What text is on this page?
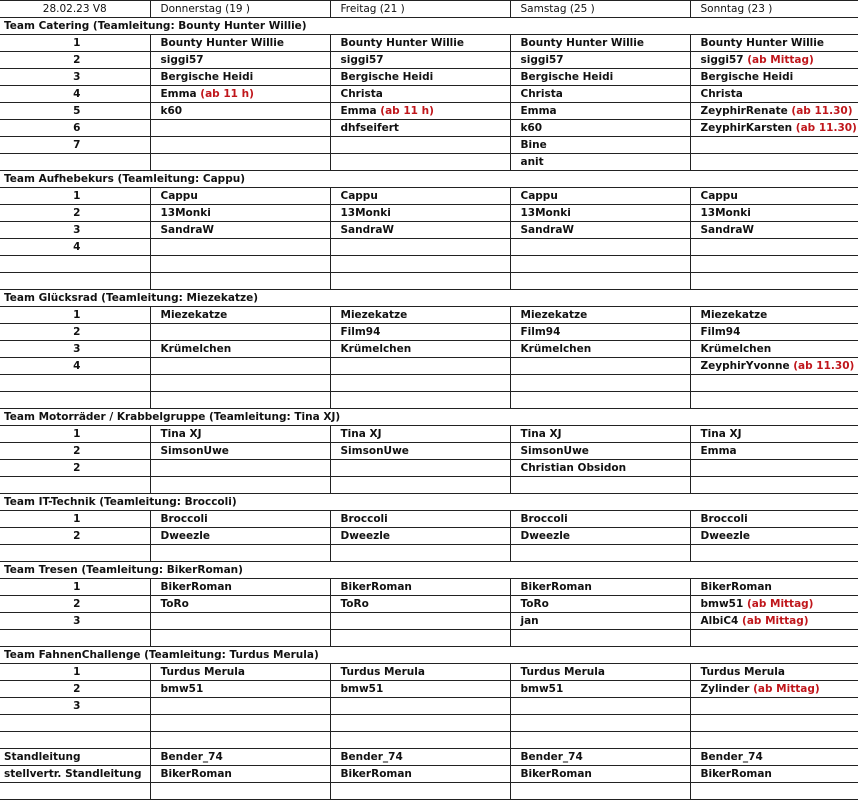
28.02.23 V8	Donnerstag (19 )	Freitag (21 )	Samstag (25 )	Sonntag (23 )
Team Catering (Teamleitung: Bounty Hunter Willie)				
1	Bounty Hunter Willie	Bounty Hunter Willie	Bounty Hunter Willie	Bounty Hunter Willie
2	siggi57	siggi57	siggi57	siggi57 (ab Mittag)
3	Bergische Heidi	Bergische Heidi	Bergische Heidi	Bergische Heidi
4	Emma (ab 11 h)	Christa	Christa	Christa
5	k60	Emma (ab 11 h)	Emma	ZeyphirRenate (ab 11.30)
6		dhfseifert	k60	ZeyphirKarsten (ab 11.30)
7			Bine	
			anit	
Team Aufhebekurs (Teamleitung: Cappu)				
1	Cappu	Cappu	Cappu	Cappu
2	13Monki	13Monki	13Monki	13Monki
3	SandraW	SandraW	SandraW	SandraW
4				

Team Glücksrad (Teamleitung: Miezekatze)				
1	Miezekatze	Miezekatze	Miezekatze	Miezekatze
2		Film94	Film94	Film94
3	Krümelchen	Krümelchen	Krümelchen	Krümelchen
4				ZeyphirYvonne (ab 11.30)

Team Motorräder / Krabbelgruppe (Teamleitung: Tina XJ)				
1	Tina XJ	Tina XJ	Tina XJ	Tina XJ
2	SimsonUwe	SimsonUwe	SimsonUwe	Emma
2			Christian Obsidon	

Team IT-Technik (Teamleitung: Broccoli)				
1	Broccoli	Broccoli	Broccoli	Broccoli
2	Dweezle	Dweezle	Dweezle	Dweezle

Team Tresen (Teamleitung: BikerRoman)				
1	BikerRoman	BikerRoman	BikerRoman	BikerRoman
2	ToRo	ToRo	ToRo	bmw51 (ab Mittag)
3			jan	AlbiC4 (ab Mittag)

Team FahnenChallenge (Teamleitung: Turdus Merula)				
1	Turdus Merula	Turdus Merula	Turdus Merula	Turdus Merula
2	bmw51	bmw51	bmw51	Zylinder (ab Mittag)
3				

Standleitung	Bender_74	Bender_74	Bender_74	Bender_74
stellvertr. Standleitung	BikerRoman	BikerRoman	BikerRoman	BikerRoman
